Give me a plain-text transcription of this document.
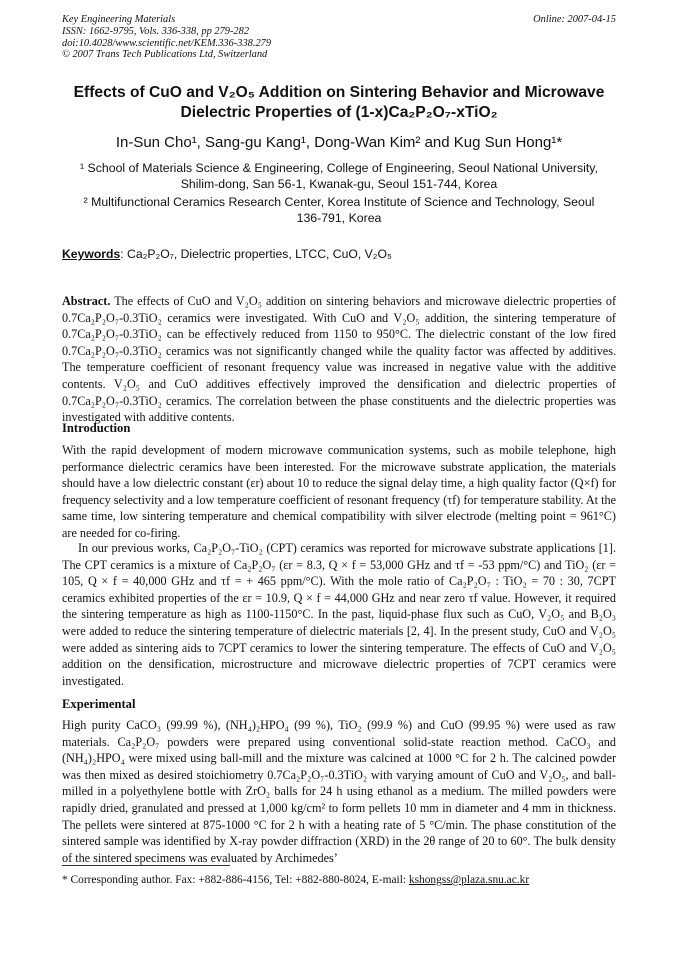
Key Engineering Materials
ISSN: 1662-9795, Vols. 336-338, pp 279-282
doi:10.4028/www.scientific.net/KEM.336-338.279
© 2007 Trans Tech Publications Ltd, Switzerland
Online: 2007-04-15
Effects of CuO and V₂O₅ Addition on Sintering Behavior and Microwave Dielectric Properties of (1-x)Ca₂P₂O₇-xTiO₂
In-Sun Cho¹, Sang-gu Kang¹, Dong-Wan Kim² and Kug Sun Hong¹*
¹ School of Materials Science & Engineering, College of Engineering, Seoul National University, Shilim-dong, San 56-1, Kwanak-gu, Seoul 151-744, Korea
² Multifunctional Ceramics Research Center, Korea Institute of Science and Technology, Seoul 136-791, Korea
Keywords: Ca₂P₂O₇, Dielectric properties, LTCC, CuO, V₂O₅
Abstract. The effects of CuO and V₂O₅ addition on sintering behaviors and microwave dielectric properties of 0.7Ca₂P₂O₇-0.3TiO₂ ceramics were investigated. With CuO and V₂O₅ addition, the sintering temperature of 0.7Ca₂P₂O₇-0.3TiO₂ can be effectively reduced from 1150 to 950°C. The dielectric constant of the low fired 0.7Ca₂P₂O₇-0.3TiO₂ ceramics was not significantly changed while the quality factor was affected by additives. The temperature coefficient of resonant frequency value was increased in negative value with the additive contents. V₂O₅ and CuO additives effectively improved the densification and dielectric properties of 0.7Ca₂P₂O₇-0.3TiO₂ ceramics. The correlation between the phase constituents and the dielectric properties was investigated with additive contents.
Introduction
With the rapid development of modern microwave communication systems, such as mobile telephone, high performance dielectric ceramics have been interested. For the microwave substrate application, the materials should have a low dielectric constant (εr) about 10 to reduce the signal delay time, a high quality factor (Q×f) for frequency selectivity and a low temperature coefficient of resonant frequency (τf) for temperature stability. At the same time, low sintering temperature and chemical compatibility with silver electrode (melting point = 961°C) are needed for co-firing.
In our previous works, Ca₂P₂O₇-TiO₂ (CPT) ceramics was reported for microwave substrate applications [1]. The CPT ceramics is a mixture of Ca₂P₂O₇ (εr = 8.3, Q × f = 53,000 GHz and τf = -53 ppm/°C) and TiO₂ (εr = 105, Q × f = 40,000 GHz and τf = + 465 ppm/°C). With the mole ratio of Ca₂P₂O₇ : TiO₂ = 70 : 30, 7CPT ceramics exhibited properties of the εr = 10.9, Q × f = 44,000 GHz and near zero τf value. However, it required the sintering temperature as high as 1100-1150°C. In the past, liquid-phase flux such as CuO, V₂O₅ and B₂O₃ were added to reduce the sintering temperature of dielectric materials [2, 4]. In the present study, CuO and V₂O₅ were added as sintering aids to 7CPT ceramics to lower the sintering temperature. The effects of CuO and V₂O₅ addition on the densification, microstructure and microwave dielectric properties of 7CPT ceramics were investigated.
Experimental
High purity CaCO₃ (99.99 %), (NH₄)₂HPO₄ (99 %), TiO₂ (99.9 %) and CuO (99.95 %) were used as raw materials. Ca₂P₂O₇ powders were prepared using conventional solid-state reaction method. CaCO₃ and (NH₄)₂HPO₄ were mixed using ball-mill and the mixture was calcined at 1000 °C for 2 h. The calcined powder was then mixed as desired stoichiometry 0.7Ca₂P₂O₇-0.3TiO₂ with varying amount of CuO and V₂O₅, and ball-milled in a polyethylene bottle with ZrO₂ balls for 24 h using ethanol as a medium. The milled powders were rapidly dried, granulated and pressed at 1,000 kg/cm² to form pellets 10 mm in diameter and 4 mm in thickness. The pellets were sintered at 875-1000 °C for 2 h with a heating rate of 5 °C/min. The phase constitution of the sintered sample was identified by X-ray powder diffraction (XRD) in the 2θ range of 20 to 60°. The bulk density of the sintered specimens was evaluated by Archimedes’
* Corresponding author. Fax: +882-886-4156, Tel: +882-880-8024, E-mail: kshongss@plaza.snu.ac.kr
